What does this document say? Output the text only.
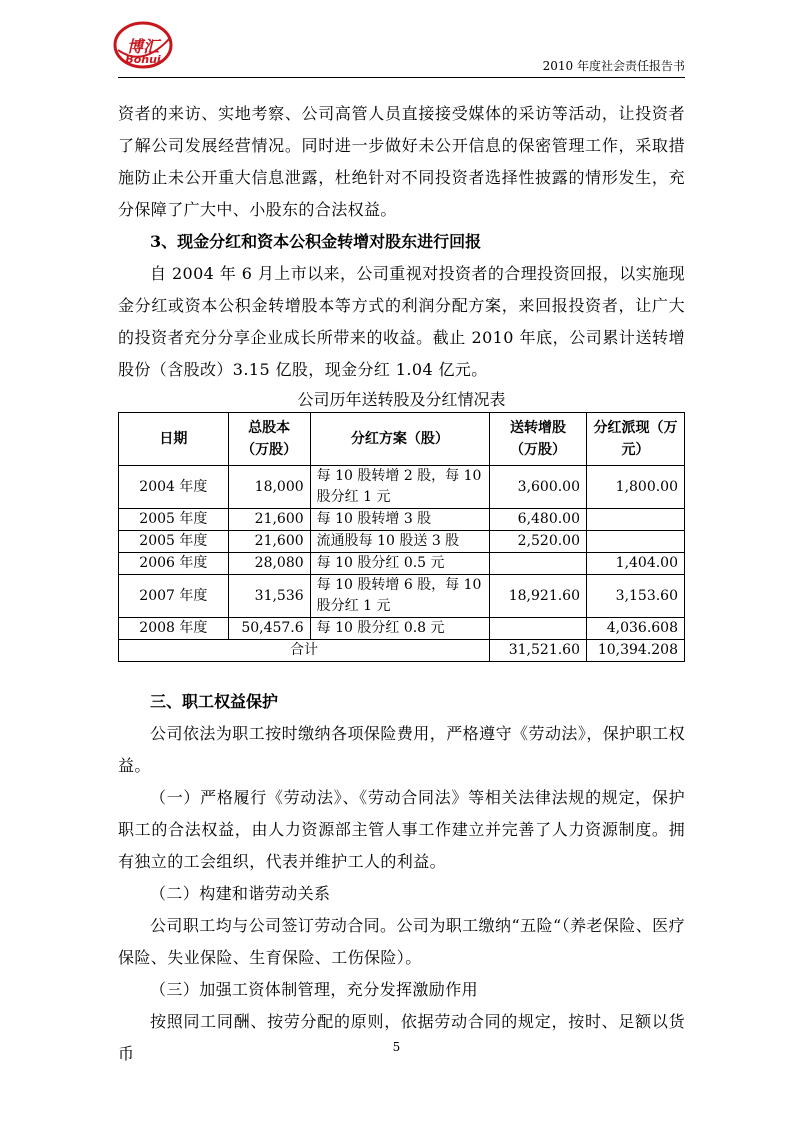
博汇
Bohui	2010 年度社会责任报告书

资者的来访、实地考察、公司高管人员直接接受媒体的采访等活动，让投资者了解公司发展经营情况。同时进一步做好未公开信息的保密管理工作，采取措施防止未公开重大信息泄露，杜绝针对不同投资者选择性披露的情形发生，充分保障了广大中、小股东的合法权益。

3、现金分红和资本公积金转增对股东进行回报

自 2004 年 6 月上市以来，公司重视对投资者的合理投资回报，以实施现金分红或资本公积金转增股本等方式的利润分配方案，来回报投资者，让广大的投资者充分分享企业成长所带来的收益。截止 2010 年底，公司累计送转增股份（含股改）3.15 亿股，现金分红 1.04 亿元。

公司历年送转股及分红情况表
日期	总股本（万股）	分红方案（股）	送转增股（万股）	分红派现（万元）
2004 年度	18,000	每 10 股转增 2 股，每 10 股分红 1 元	3,600.00	1,800.00
2005 年度	21,600	每 10 股转增 3 股	6,480.00	
2005 年度	21,600	流通股每 10 股送 3 股	2,520.00	
2006 年度	28,080	每 10 股分红 0.5 元		1,404.00
2007 年度	31,536	每 10 股转增 6 股，每 10 股分红 1 元	18,921.60	3,153.60
2008 年度	50,457.6	每 10 股分红 0.8 元		4,036.608
合计			31,521.60	10,394.208

三、职工权益保护

公司依法为职工按时缴纳各项保险费用，严格遵守《劳动法》，保护职工权益。

（一）严格履行《劳动法》、《劳动合同法》等相关法律法规的规定，保护职工的合法权益，由人力资源部主管人事工作建立并完善了人力资源制度。拥有独立的工会组织，代表并维护工人的利益。

（二）构建和谐劳动关系

公司职工均与公司签订劳动合同。公司为职工缴纳“五险“（养老保险、医疗保险、失业保险、生育保险、工伤保险）。

（三）加强工资体制管理，充分发挥激励作用

按照同工同酬、按劳分配的原则，依据劳动合同的规定，按时、足额以货币	5
